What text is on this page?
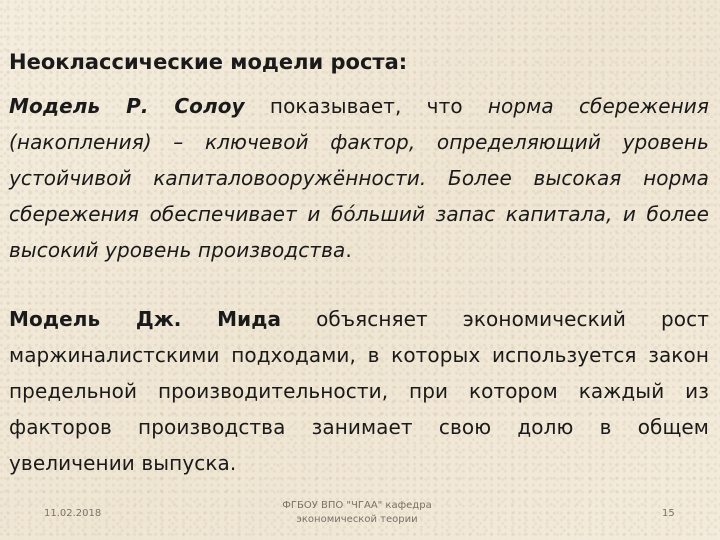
Неоклассические модели роста:
Модель Р. Солоу показывает, что норма сбережения (накопления) – ключевой фактор, определяющий уровень устойчивой капиталовооружённости. Более высокая норма сбережения обеспечивает и бóльший запас капитала, и более высокий уровень производства.
Модель Дж. Мида объясняет экономический рост маржиналистскими подходами, в которых используется закон предельной производительности, при котором каждый из факторов производства занимает свою долю в общем увеличении выпуска.
11.02.2018
ФГБОУ ВПО "ЧГАА" кафедра экономической теории
15
